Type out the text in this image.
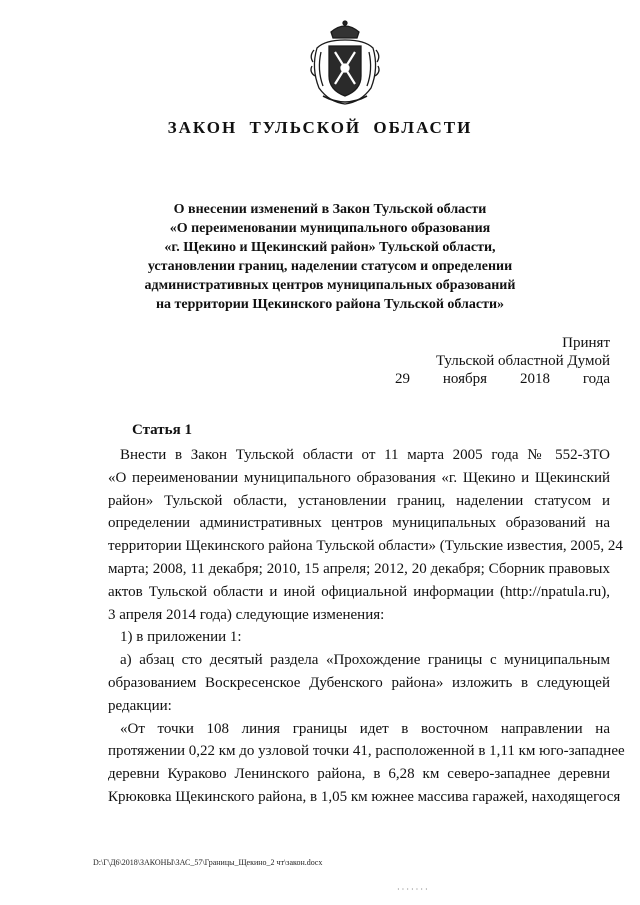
ЗАКОН ТУЛЬСКОЙ ОБЛАСТИ
О внесении изменений в Закон Тульской области
«О переименовании муниципального образования
«г. Щекино и Щекинский район» Тульской области,
установлении границ, наделении статусом и определении
административных центров муниципальных образований
на территории Щекинского района Тульской области»
Принят
Тульской областной Думой
29 ноября 2018 года
Статья 1
Внести в Закон Тульской области от 11 марта 2005 года № 552-ЗТО
«О переименовании муниципального образования «г. Щекино и Щекинский
район» Тульской области, установлении границ, наделении статусом и
определении административных центров муниципальных образований на
территории Щекинского района Тульской области» (Тульские известия, 2005, 24
марта; 2008, 11 декабря; 2010, 15 апреля; 2012, 20 декабря; Сборник правовых
актов Тульской области и иной официальной информации (http://npatula.ru),
3 апреля 2014 года) следующие изменения:
1) в приложении 1:
а) абзац сто десятый раздела «Прохождение границы с муниципальным
образованием Воскресенское Дубенского района» изложить в следующей
редакции:
«От точки 108 линия границы идет в восточном направлении на
протяжении 0,22 км до узловой точки 41, расположенной в 1,11 км юго-западнее
деревни Кураково Ленинского района, в 6,28 км северо-западнее деревни
Крюковка Щекинского района, в 1,05 км южнее массива гаражей, находящегося
D:\Г\Д6\2018\ЗАКОНЫ\ЗАС_57\Границы_Щекино_2 чт\закон.docx
· · · · · · ·
